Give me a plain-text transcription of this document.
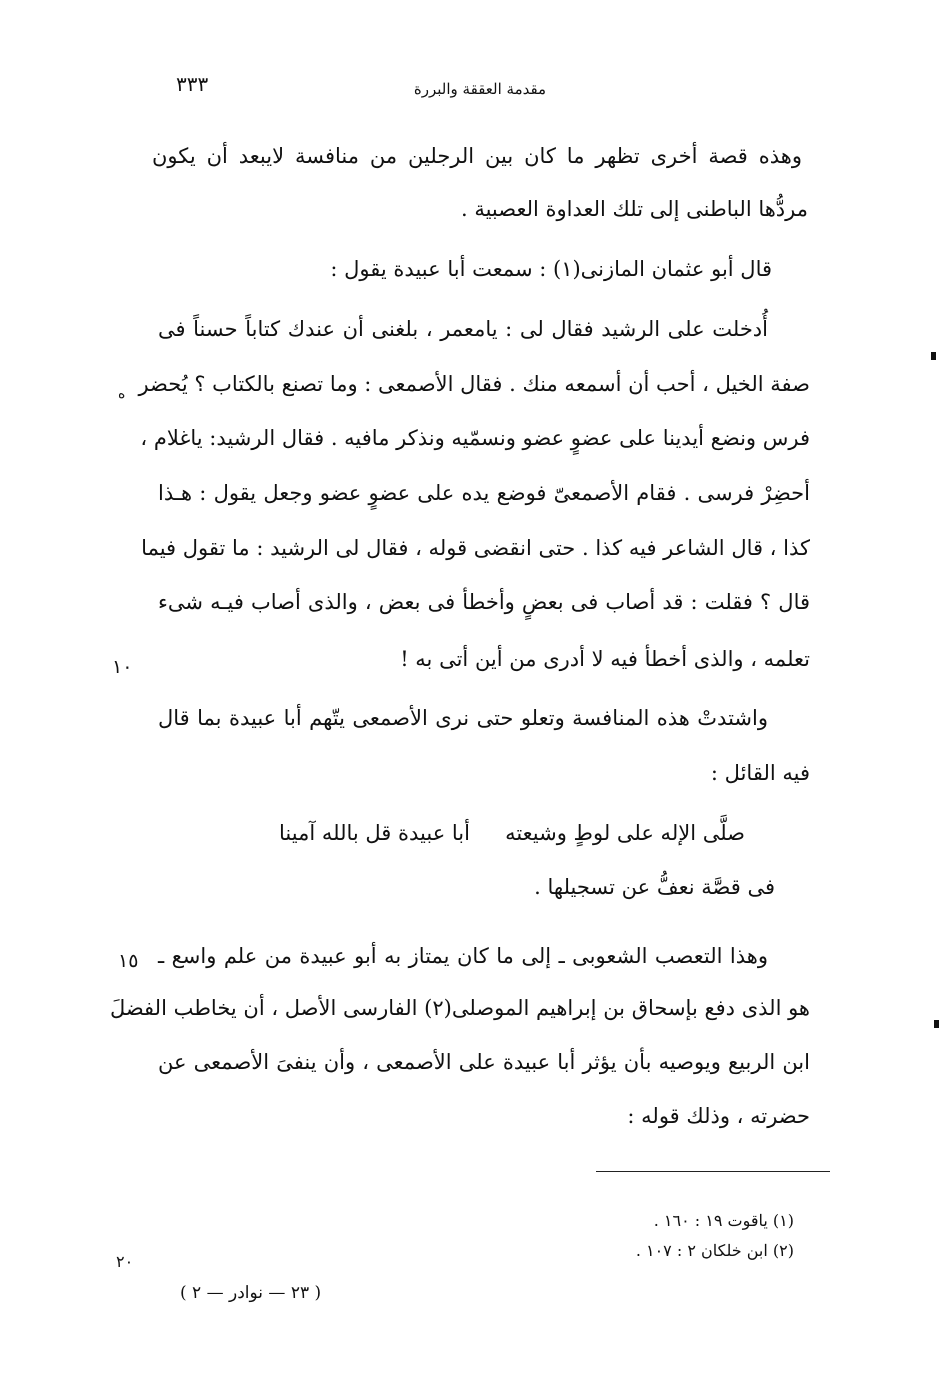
٣٣٣	مقدمة العققة والبررة
وهذه قصة أخرى تظهر ما كان بين الرجلين من منافسة لايبعد أن يكون
مردُّها الباطنى إلى تلك العداوة العصبية .
قال أبو عثمان المازنى(١) : سمعت أبا عبيدة يقول :
أُدخلت على الرشيد فقال لى : يامعمر ، بلغنى أن عندك كتاباً حسناً فى
صفة الخيل ، أحب أن أسمعه منك . فقال الأصمعى : وما تصنع بالكتاب ؟ يُحضر
فرس ونضع أيدينا على عضوٍ عضو ونسمّيه ونذكر مافيه . فقال الرشيد: ياغلام ،
أحضِرْ فرسى . فقام الأصمعىّ فوضع يده على عضوٍ عضو وجعل يقول : هـذا
كذا ، قال الشاعر فيه كذا . حتى انقضى قوله ، فقال لى الرشيد : ما تقول فيما
قال ؟ فقلت : قد أصاب فى بعضٍ وأخطأ فى بعض ، والذى أصاب فيـه شىء
تعلمه ، والذى أخطأ فيه لا أدرى من أين أتى به !
واشتدتْ هذه المنافسة وتعلو حتى نرى الأصمعى يتّهم أبا عبيدة بما قال
فيه القائل :
صلَّى الإله على لوطٍ وشيعته
أبا عبيدة قل بالله آمينا
فى قصَّة نعفُّ عن تسجيلها .
وهذا التعصب الشعوبى ـ إلى ما كان يمتاز به أبو عبيدة من علم واسع ـ
هو الذى دفع بإسحاق بن إبراهيم الموصلى(٢) الفارسى الأصل ، أن يخاطب الفضلَ
ابن الربيع ويوصيه بأن يؤثر أبا عبيدة على الأصمعى ، وأن ينفىَ الأصمعى عن
حضرته ، وذلك قوله :
ه
١٠
١٥
٢٠
(١) ياقوت ١٩ : ١٦٠ .
(٢) ابن خلكان ٢ : ١٠٧ .
( ٢٣ — نوادر — ٢ )
